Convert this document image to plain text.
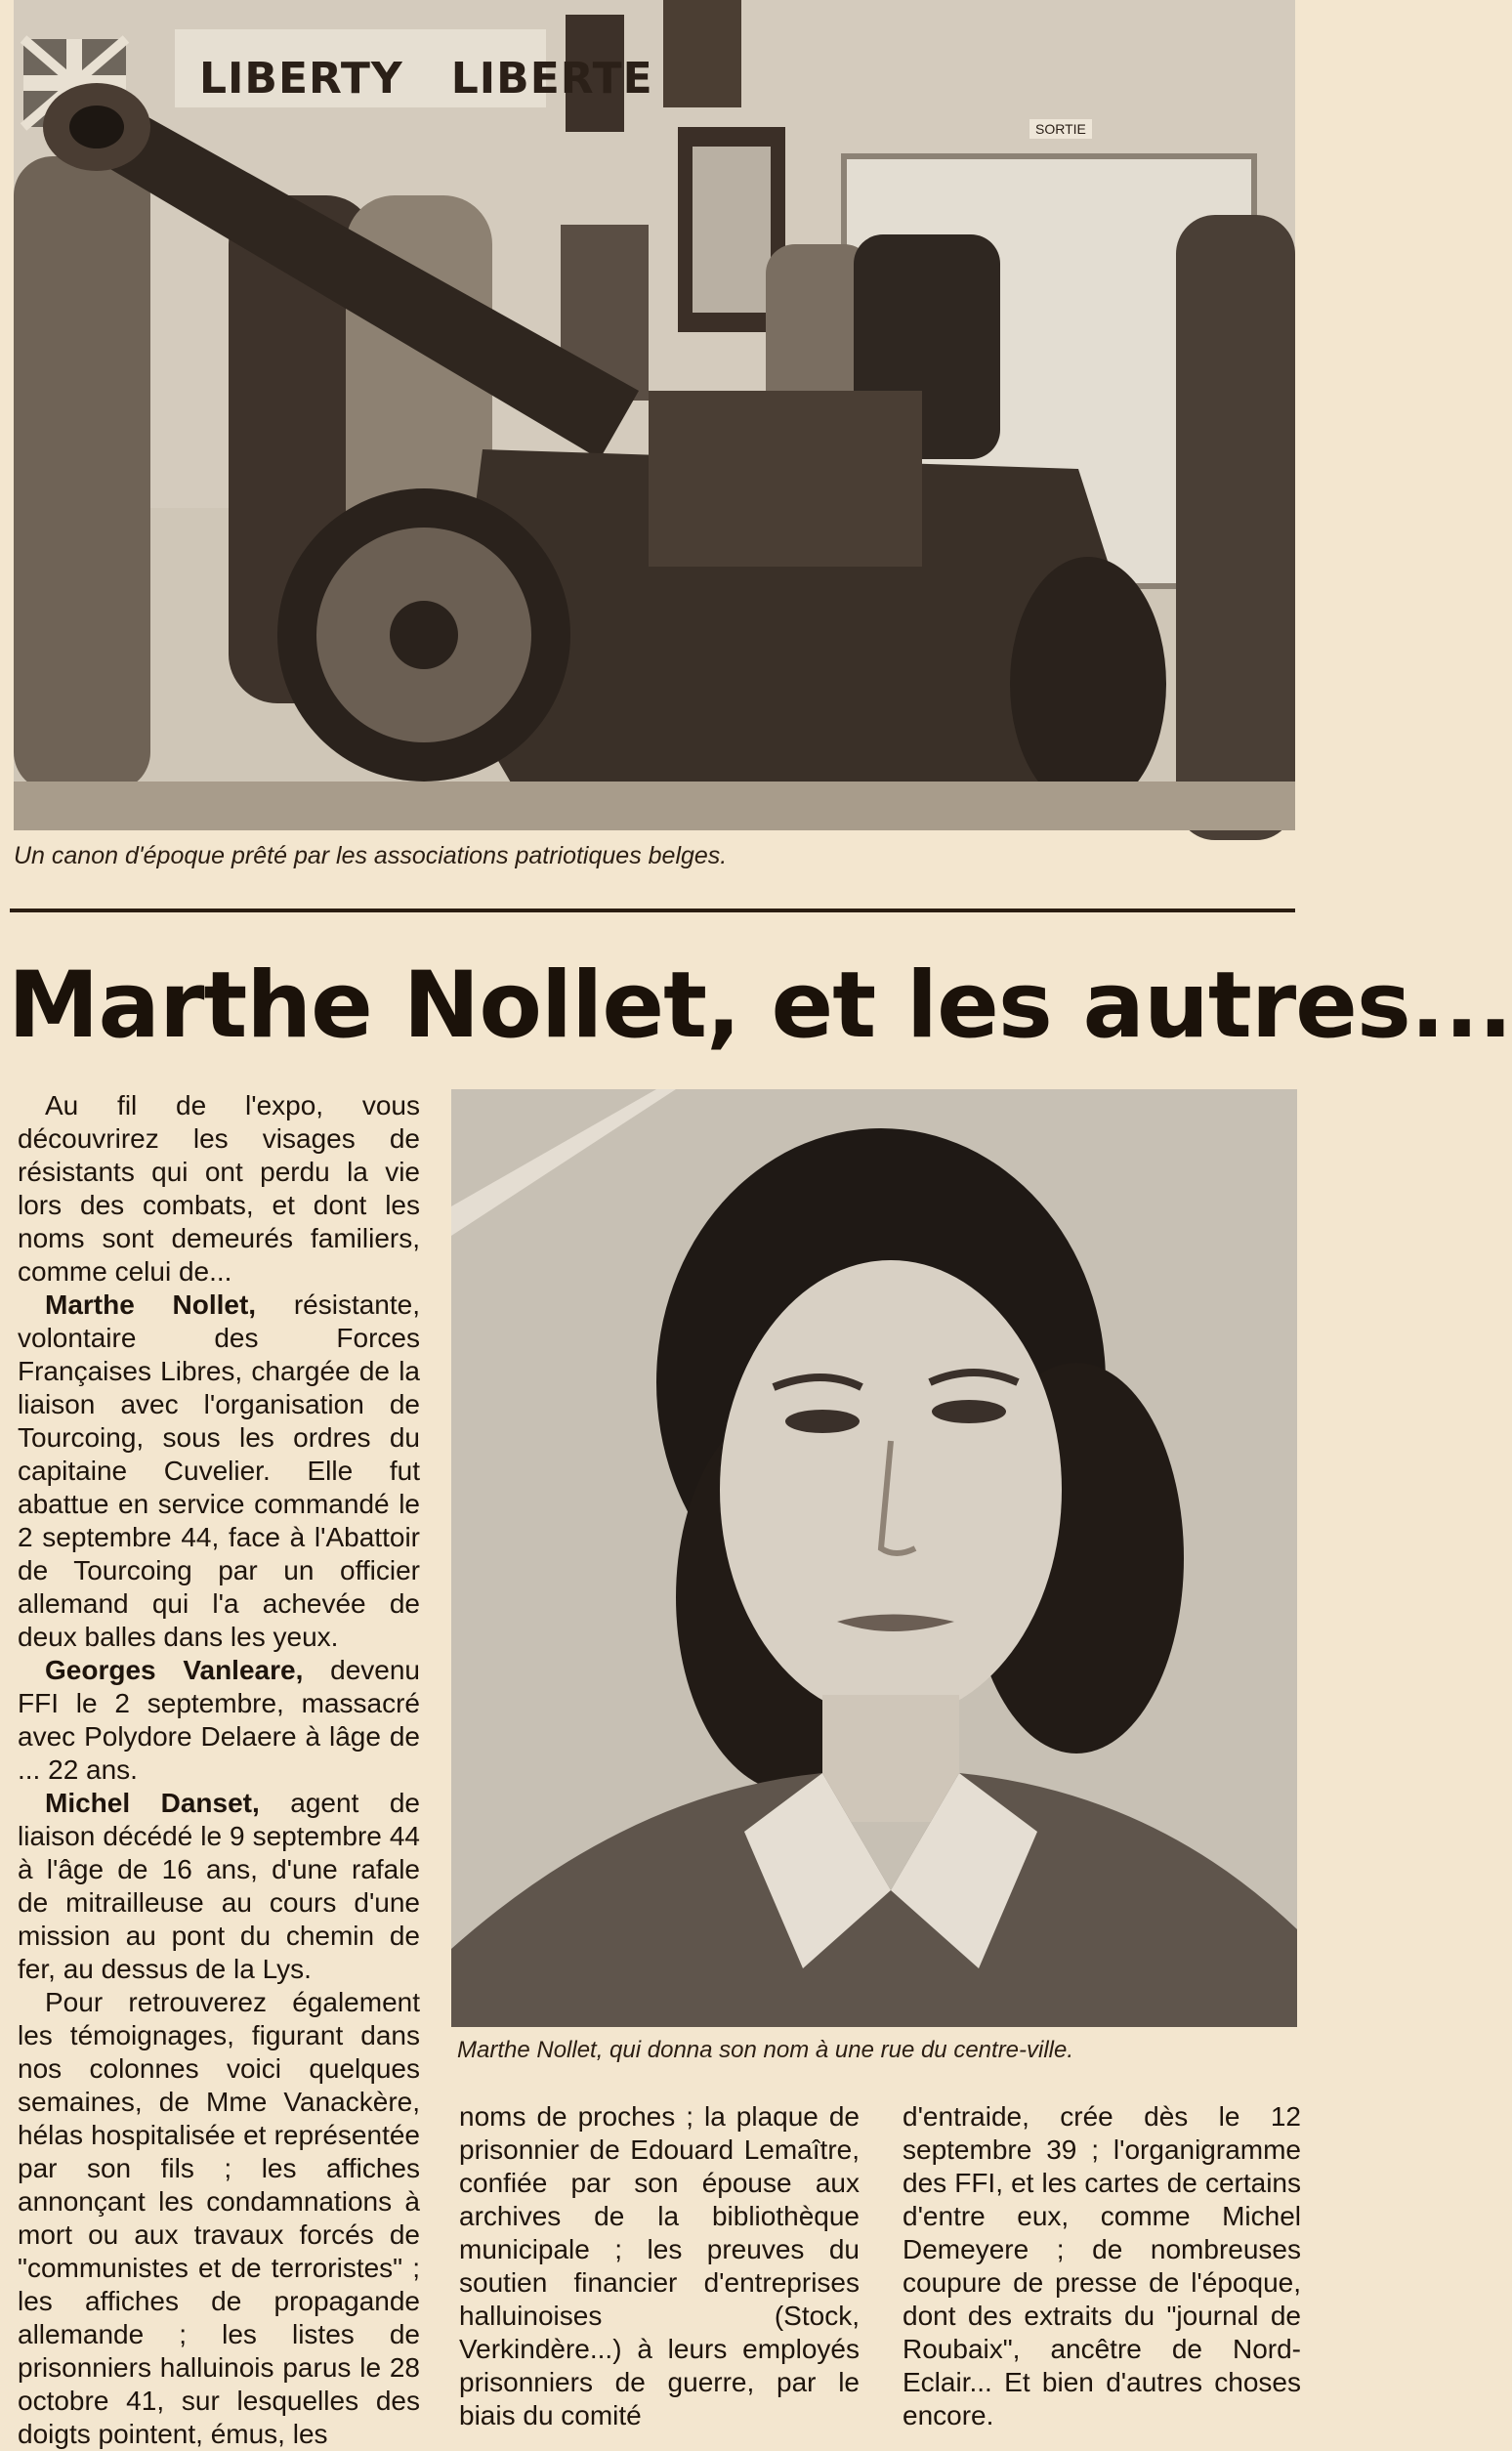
LIBERTY LIBERTE
SORTIE
Un canon d'époque prêté par les associations patriotiques belges.
Marthe Nollet, et les autres...

Au fil de l'expo, vous découvrirez les visages de résistants qui ont perdu la vie lors des combats, et dont les noms sont demeurés familiers, comme celui de...

Marthe Nollet, résistante, volontaire des Forces Françaises Libres, chargée de la liaison avec l'organisation de Tourcoing, sous les ordres du capitaine Cuvelier. Elle fut abattue en service commandé le 2 septembre 44, face à l'Abattoir de Tourcoing par un officier allemand qui l'a achevée de deux balles dans les yeux.

Georges Vanleare, devenu FFI le 2 septembre, massacré avec Polydore Delaere à lâge de ... 22 ans.

Michel Danset, agent de liaison décédé le 9 septembre 44 à l'âge de 16 ans, d'une rafale de mitrailleuse au cours d'une mission au pont du chemin de fer, au dessus de la Lys.

Pour retrouverez également les témoignages, figurant dans nos colonnes voici quelques semaines, de Mme Vanackère, hélas hospitalisée et représentée par son fils ; les affiches annonçant les condamnations à mort ou aux travaux forcés de "communistes et de terroristes" ; les affiches de propagande allemande ; les listes de prisonniers halluinois parus le 28 octobre 41, sur lesquelles des doigts pointent, émus, les

Marthe Nollet, qui donna son nom à une rue du centre-ville.

noms de proches ; la plaque de prisonnier de Edouard Lemaître, confiée par son épouse aux archives de la bibliothèque municipale ; les preuves du soutien financier d'entreprises halluinoises (Stock, Verkindère...) à leurs employés prisonniers de guerre, par le biais du comité

d'entraide, crée dès le 12 septembre 39 ; l'organigramme des FFI, et les cartes de certains d'entre eux, comme Michel Demeyere ; de nombreuses coupure de presse de l'époque, dont des extraits du "journal de Roubaix", ancêtre de Nord-Eclair... Et bien d'autres choses encore.
